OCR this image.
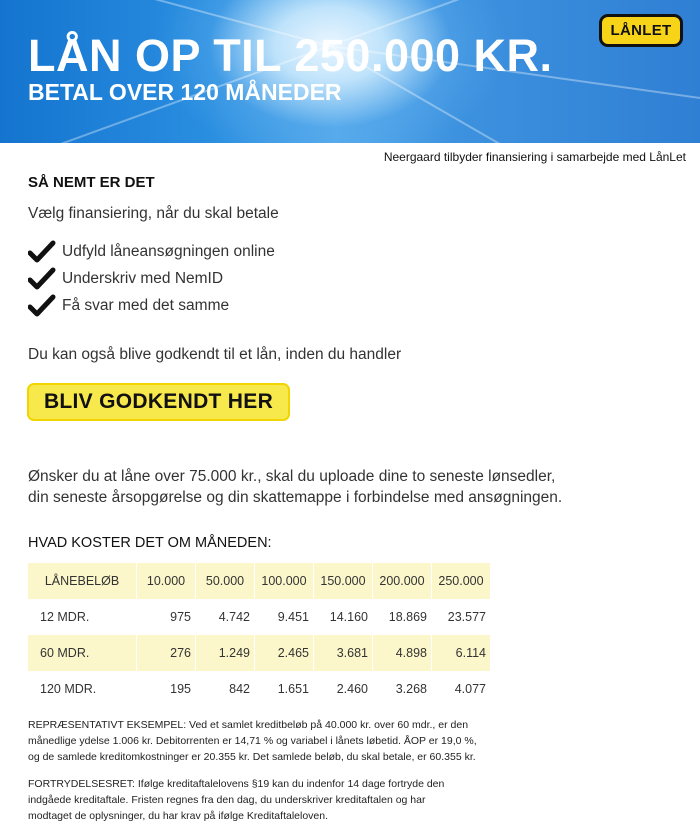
LÅN OP TIL 250.000 KR.
BETAL OVER 120 MÅNEDER
LÅNLET
Neergaard tilbyder finansiering i samarbejde med LånLet
SÅ NEMT ER DET
Vælg finansiering, når du skal betale
Udfyld låneansøgningen online
Underskriv med NemID
Få svar med det samme
Du kan også blive godkendt til et lån, inden du handler
BLIV GODKENDT HER
Ønsker du at låne over 75.000 kr., skal du uploade dine to seneste lønsedler,
din seneste årsopgørelse og din skattemappe i forbindelse med ansøgningen.
HVAD KOSTER DET OM MÅNEDEN:
LÅNEBELØB	10.000	50.000	100.000	150.000	200.000	250.000
12 MDR.	975	4.742	9.451	14.160	18.869	23.577
60 MDR.	276	1.249	2.465	3.681	4.898	6.114
120 MDR.	195	842	1.651	2.460	3.268	4.077
REPRÆSENTATIVT EKSEMPEL: Ved et samlet kreditbeløb på 40.000 kr. over 60 mdr., er den
månedlige ydelse 1.006 kr. Debitorrenten er 14,71 % og variabel i lånets løbetid. ÅOP er 19,0 %,
og de samlede kreditomkostninger er 20.355 kr. Det samlede beløb, du skal betale, er 60.355 kr.
FORTRYDELSESRET: Ifølge kreditaftalelovens §19 kan du indenfor 14 dage fortryde den
indgåede kreditaftale. Fristen regnes fra den dag, du underskriver kreditaftalen og har
modtaget de oplysninger, du har krav på ifølge Kreditaftaleloven.
